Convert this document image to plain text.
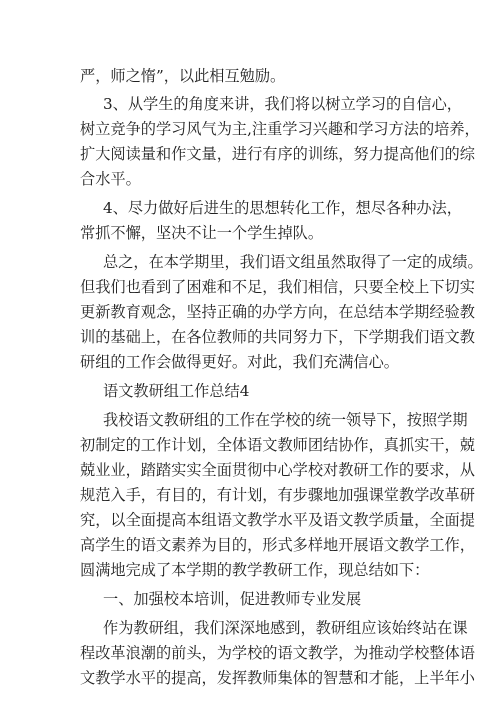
严，师之惰”，以此相互勉励。
3、从学生的角度来讲，我们将以树立学习的自信心，
树立竞争的学习风气为主,注重学习兴趣和学习方法的培养，
扩大阅读量和作文量，进行有序的训练，努力提高他们的综
合水平。
4、尽力做好后进生的思想转化工作，想尽各种办法，
常抓不懈，坚决不让一个学生掉队。
总之，在本学期里，我们语文组虽然取得了一定的成绩。
但我们也看到了困难和不足，我们相信，只要全校上下切实
更新教育观念，坚持正确的办学方向，在总结本学期经验教
训的基础上，在各位教师的共同努力下，下学期我们语文教
研组的工作会做得更好。对此，我们充满信心。
语文教研组工作总结4
我校语文教研组的工作在学校的统一领导下，按照学期
初制定的工作计划，全体语文教师团结协作，真抓实干，兢
兢业业，踏踏实实全面贯彻中心学校对教研工作的要求，从
规范入手，有目的，有计划，有步骤地加强课堂教学改革研
究，以全面提高本组语文教学水平及语文教学质量，全面提
高学生的语文素养为目的，形式多样地开展语文教学工作，
圆满地完成了本学期的教学教研工作，现总结如下：
一、加强校本培训，促进教师专业发展
作为教研组，我们深深地感到，教研组应该始终站在课
程改革浪潮的前头，为学校的语文教学，为推动学校整体语
文教学水平的提高，发挥教师集体的智慧和才能，上半年小
